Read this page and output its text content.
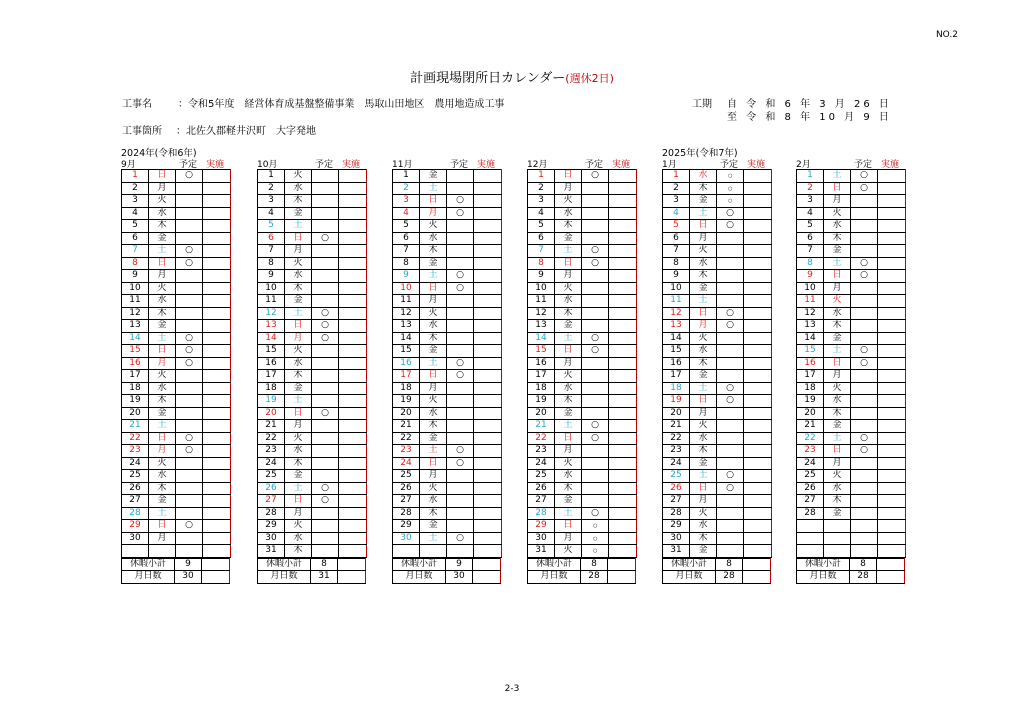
NO.2
計画現場閉所日カレンダー(週休2日)
工事名	：令和5年度　経営体育成基盤整備事業　馬取山田地区　農用地造成工事
工事箇所 ：北佐久郡軽井沢町　大字発地
工期 自 令 和 6 年 3 月 26 日
至 令 和 8 年 10 月 9 日
2024年(令和6年)	2025年(令和7年)
9月	予定 実施
1	日	○	
2	月		
3	火		
4	水		
5	木		
6	金		
7	土	○	
8	日	○	
9	月		
10	火		
11	水		
12	木		
13	金		
14	土	○	
15	日	○	
16	月	○	
17	火		
18	水		
19	木		
20	金		
21	土		
22	日	○	
23	月	○	
24	火		
25	水		
26	木		
27	金		
28	土		
29	日	○	
30	月		

休暇小計	9	
月日数	30	
10月	予定 実施
1	火		
2	水		
3	木		
4	金		
5	土		
6	日	○	
7	月		
8	火		
9	水		
10	木		
11	金		
12	土	○	
13	日	○	
14	月	○	
15	火		
16	水		
17	木		
18	金		
19	土		
20	日	○	
21	月		
22	火		
23	水		
24	木		
25	金		
26	土	○	
27	日	○	
28	月		
29	火		
30	水		
31	木		
休暇小計	8	
月日数	31	
11月	予定 実施
1	金		
2	土		
3	日	○	
4	月	○	
5	火		
6	水		
7	木		
8	金		
9	土	○	
10	日	○	
11	月		
12	火		
13	水		
14	木		
15	金		
16	土	○	
17	日	○	
18	月		
19	火		
20	水		
21	木		
22	金		
23	土	○	
24	日	○	
25	月		
26	火		
27	水		
28	木		
29	金		
30	土	○	

休暇小計	9	
月日数	30	
12月	予定 実施
1	日	○	
2	月		
3	火		
4	水		
5	木		
6	金		
7	土	○	
8	日	○	
9	月		
10	火		
11	水		
12	木		
13	金		
14	土	○	
15	日	○	
16	月		
17	火		
18	水		
19	木		
20	金		
21	土	○	
22	日	○	
23	月		
24	火		
25	水		
26	木		
27	金		
28	土	○	
29	日	○	
30	月	○	
31	火	○	
休暇小計	8	
月日数	28	
1月	予定 実施
1	水	○	
2	木	○	
3	金	○	
4	土	○	
5	日	○	
6	月		
7	火		
8	水		
9	木		
10	金		
11	土		
12	日	○	
13	月	○	
14	火		
15	水		
16	木		
17	金		
18	土	○	
19	日	○	
20	月		
21	火		
22	水		
23	木		
24	金		
25	土	○	
26	日	○	
27	月		
28	火		
29	水		
30	木		
31	金		
休暇小計	8	
月日数	28	
2月	予定 実施
1	土	○	
2	日	○	
3	月		
4	火		
5	水		
6	木		
7	金		
8	土	○	
9	日	○	
10	月		
11	火		
12	水		
13	木		
14	金		
15	土	○	
16	日	○	
17	月		
18	火		
19	水		
20	木		
21	金		
22	土	○	
23	日	○	
24	月		
25	火		
26	水		
27	木		
28	金		

休暇小計	8	
月日数	28	
2-3
